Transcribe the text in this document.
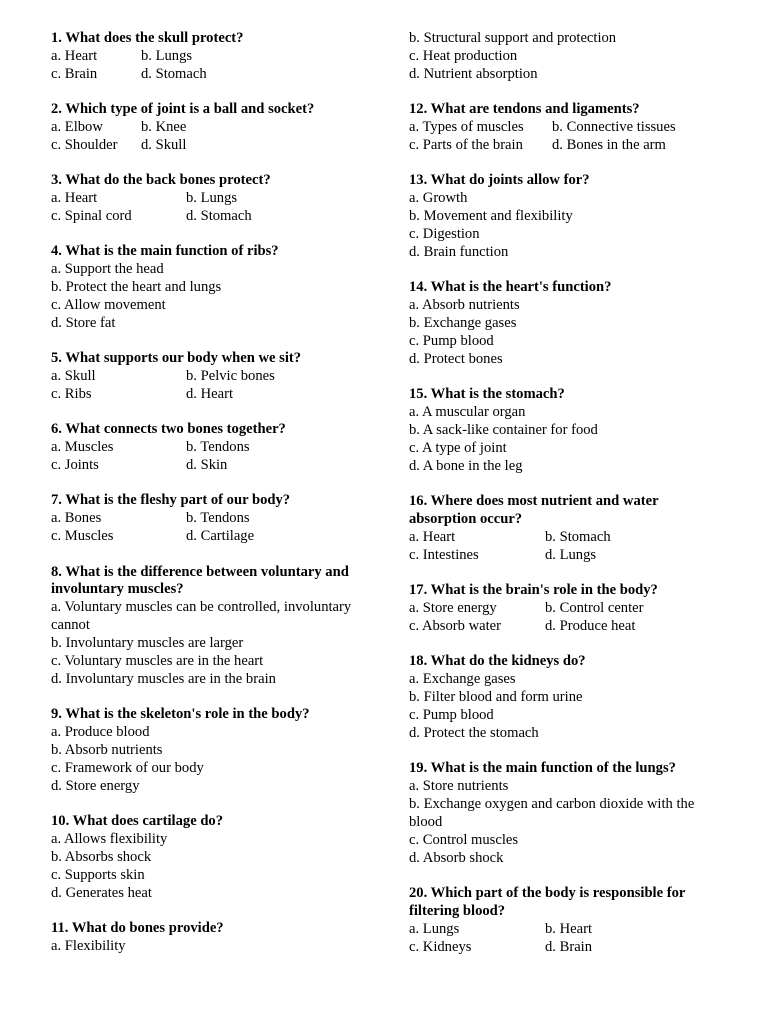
1. What does the skull protect?
a. Heart	b. Lungs
c. Brain	d. Stomach
2. Which type of joint is a ball and socket?
a. Elbow	b. Knee
c. Shoulder	d. Skull
3. What do the back bones protect?
a. Heart	b. Lungs
c. Spinal cord	d. Stomach
4. What is the main function of ribs?
a. Support the head
b. Protect the heart and lungs
c. Allow movement
d. Store fat
5. What supports our body when we sit?
a. Skull	b. Pelvic bones
c. Ribs	d. Heart
6. What connects two bones together?
a. Muscles	b. Tendons
c. Joints	d. Skin
7. What is the fleshy part of our body?
a. Bones	b. Tendons
c. Muscles	d. Cartilage
8. What is the difference between voluntary and involuntary muscles?
a. Voluntary muscles can be controlled, involuntary cannot
b. Involuntary muscles are larger
c. Voluntary muscles are in the heart
d. Involuntary muscles are in the brain
9. What is the skeleton's role in the body?
a. Produce blood
b. Absorb nutrients
c. Framework of our body
d. Store energy
10. What does cartilage do?
a. Allows flexibility
b. Absorbs shock
c. Supports skin
d. Generates heat
11. What do bones provide?
a. Flexibility
b. Structural support and protection
c. Heat production
d. Nutrient absorption
12. What are tendons and ligaments?
a. Types of muscles	b. Connective tissues
c. Parts of the brain	d. Bones in the arm
13. What do joints allow for?
a. Growth
b. Movement and flexibility
c. Digestion
d. Brain function
14. What is the heart's function?
a. Absorb nutrients
b. Exchange gases
c. Pump blood
d. Protect bones
15. What is the stomach?
a. A muscular organ
b. A sack-like container for food
c. A type of joint
d. A bone in the leg
16. Where does most nutrient and water absorption occur?
a. Heart	b. Stomach
c. Intestines	d. Lungs
17. What is the brain's role in the body?
a. Store energy	b. Control center
c. Absorb water	d. Produce heat
18. What do the kidneys do?
a. Exchange gases
b. Filter blood and form urine
c. Pump blood
d. Protect the stomach
19. What is the main function of the lungs?
a. Store nutrients
b. Exchange oxygen and carbon dioxide with the blood
c. Control muscles
d. Absorb shock
20. Which part of the body is responsible for filtering blood?
a. Lungs	b. Heart
c. Kidneys	d. Brain
